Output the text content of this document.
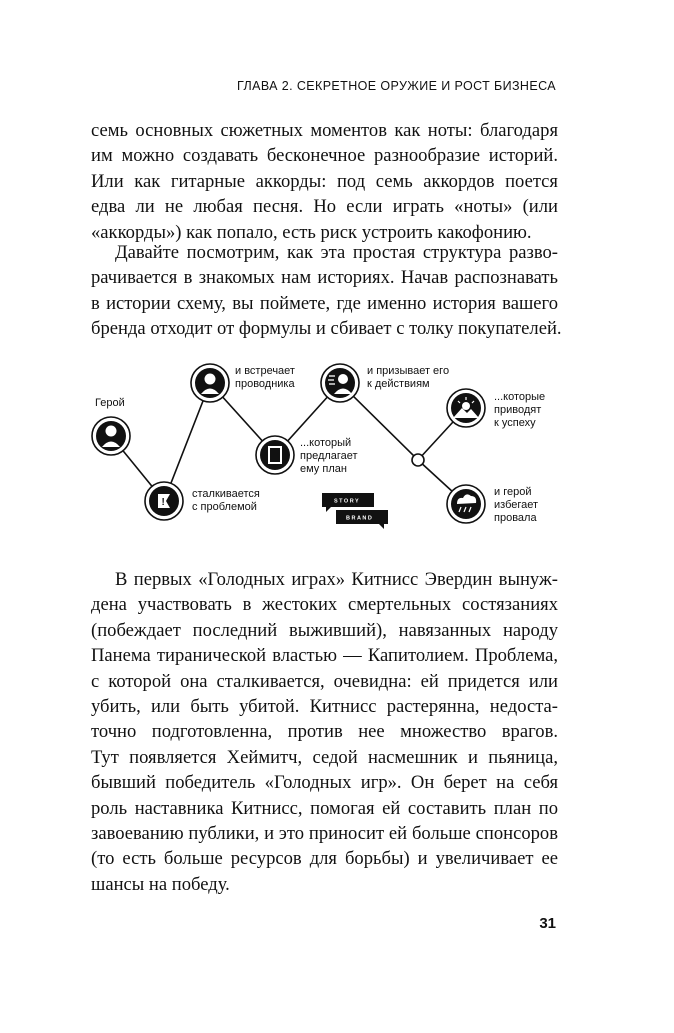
ГЛАВА 2. СЕКРЕТНОЕ ОРУЖИЕ И РОСТ БИЗНЕСА
семь основных сюжетных моментов как ноты: благодаря
им можно создавать бесконечное разнообразие историй.
Или как гитарные аккорды: под семь аккордов поется
едва ли не любая песня. Но если играть «ноты» (или
«аккорды») как попало, есть риск устроить какофонию.
Давайте посмотрим, как эта простая структура разво-
рачивается в знакомых нам историях. Начав распознавать
в истории схему, вы поймете, где именно история вашего
бренда отходит от формулы и сбивает с толку покупателей.
Герой
!
сталкивается с проблемой
и встречает проводника
...который предлагает ему план
и призывает его к действиям
...которые приводят к успеху
и герой избегает провала
STORY
BRAND
В первых «Голодных играх» Китнисс Эвердин вынуж-
дена участвовать в жестоких смертельных состязаниях
(побеждает последний выживший), навязанных народу
Панема тиранической властью — Капитолием. Проблема,
с которой она сталкивается, очевидна: ей придется или
убить, или быть убитой. Китнисс растерянна, недоста-
точно подготовленна, против нее множество врагов.
Тут появляется Хеймитч, седой насмешник и пьяница,
бывший победитель «Голодных игр». Он берет на себя
роль наставника Китнисс, помогая ей составить план по
завоеванию публики, и это приносит ей больше спонсоров
(то есть больше ресурсов для борьбы) и увеличивает ее
шансы на победу.
31
